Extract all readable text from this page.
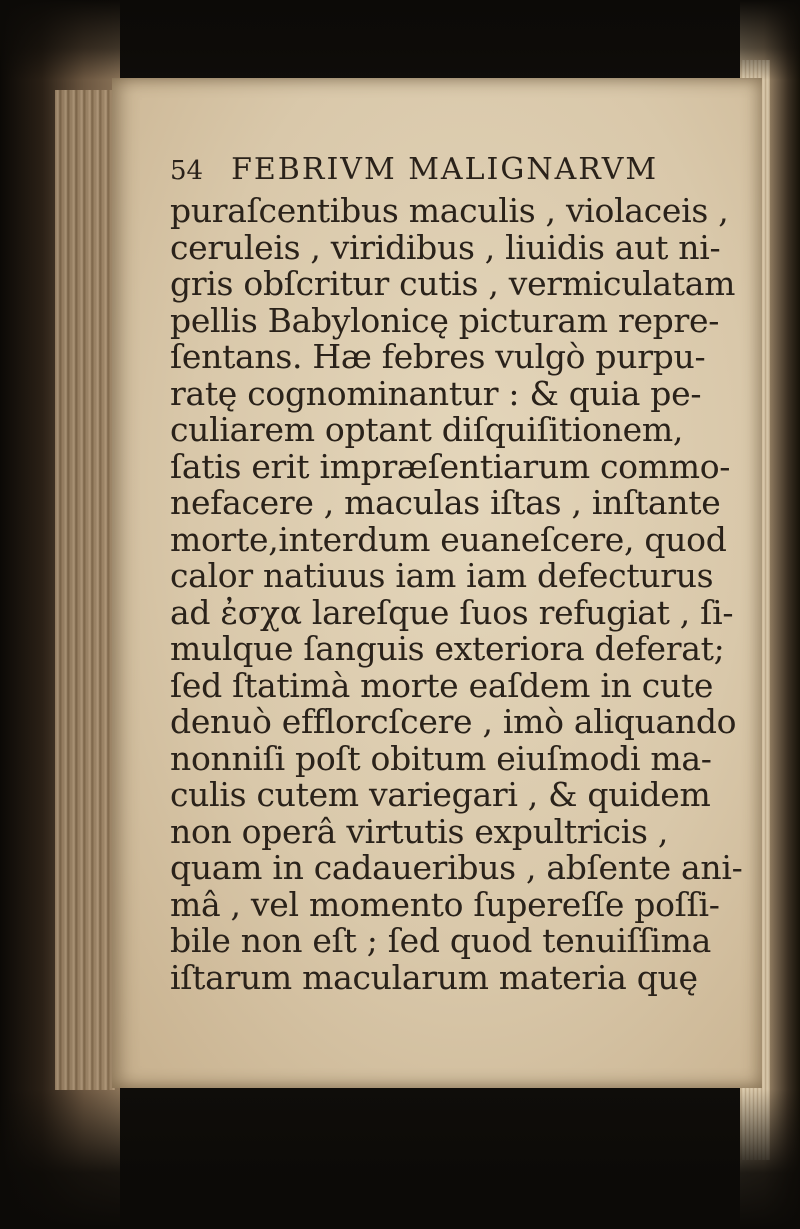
54 FEBRIVM MALIGNARVM
puraſcentibus maculis , violaceis ,
ceruleis , viridibus , liuidis aut ni-
gris obſcritur cutis , vermiculatam
pellis Babylonicę picturam repre-
ſentans. Hæ febres vulgò purpu-
ratę cognominantur : & quia pe-
culiarem optant diſquiſitionem,
ſatis erit impræſentiarum commo-
nefacere , maculas iſtas , inſtante
morte,interdum euaneſcere, quod
calor natiuus iam iam defecturus
ad ἐσχα lareſque ſuos refugiat , ſi-
mulque ſanguis exteriora deferat;
ſed ſtatimà morte eaſdem in cute
denuò efflorcſcere , imò aliquando
nonniſi poſt obitum eiuſmodi ma-
culis cutem variegari , & quidem
non operâ virtutis expultricis ,
quam in cadaueribus , abſente ani-
mâ , vel momento ſupereſſe poſſi-
bile non eſt ; ſed quod tenuiſſima
iſtarum macularum materia quę
